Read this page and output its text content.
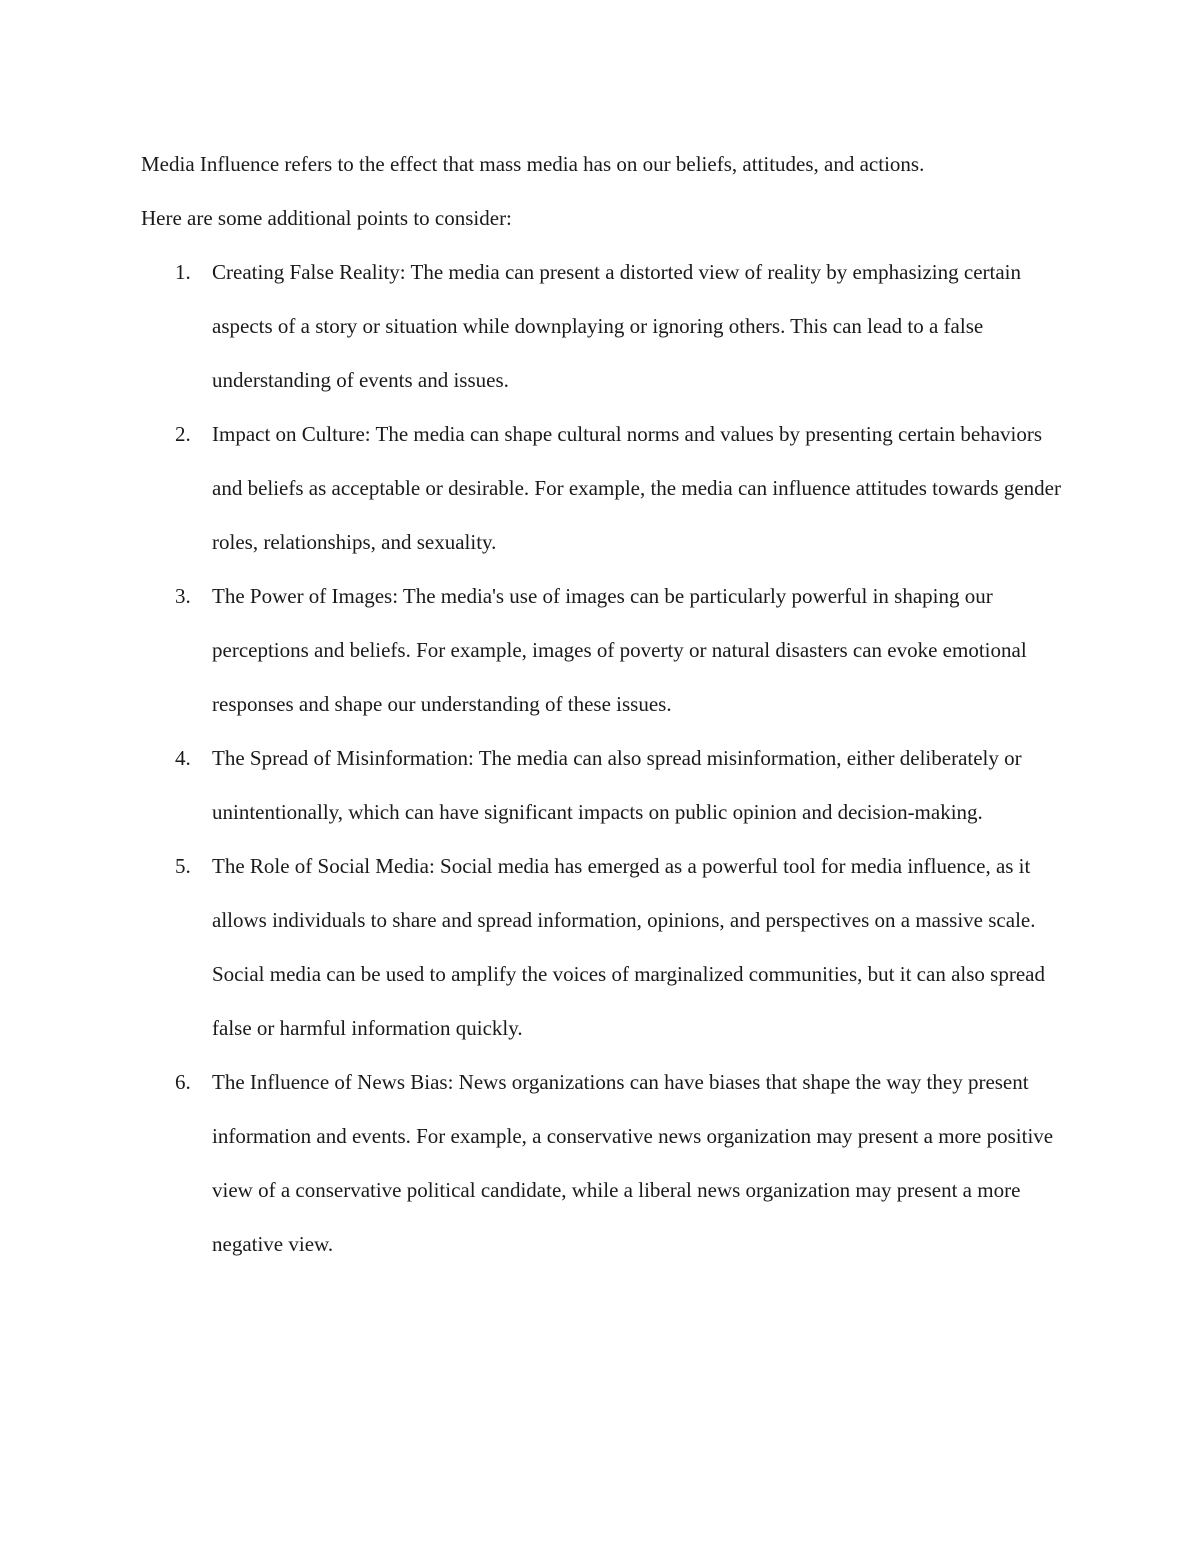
Media Influence refers to the effect that mass media has on our beliefs, attitudes, and actions.

Here are some additional points to consider:

1.	Creating False Reality: The media can present a distorted view of reality by emphasizing certain aspects of a story or situation while downplaying or ignoring others. This can lead to a false understanding of events and issues.
2.	Impact on Culture: The media can shape cultural norms and values by presenting certain behaviors and beliefs as acceptable or desirable. For example, the media can influence attitudes towards gender roles, relationships, and sexuality.
3.	The Power of Images: The media's use of images can be particularly powerful in shaping our perceptions and beliefs. For example, images of poverty or natural disasters can evoke emotional responses and shape our understanding of these issues.
4.	The Spread of Misinformation: The media can also spread misinformation, either deliberately or unintentionally, which can have significant impacts on public opinion and decision-making.
5.	The Role of Social Media: Social media has emerged as a powerful tool for media influence, as it allows individuals to share and spread information, opinions, and perspectives on a massive scale. Social media can be used to amplify the voices of marginalized communities, but it can also spread false or harmful information quickly.
6.	The Influence of News Bias: News organizations can have biases that shape the way they present information and events. For example, a conservative news organization may present a more positive view of a conservative political candidate, while a liberal news organization may present a more negative view.
